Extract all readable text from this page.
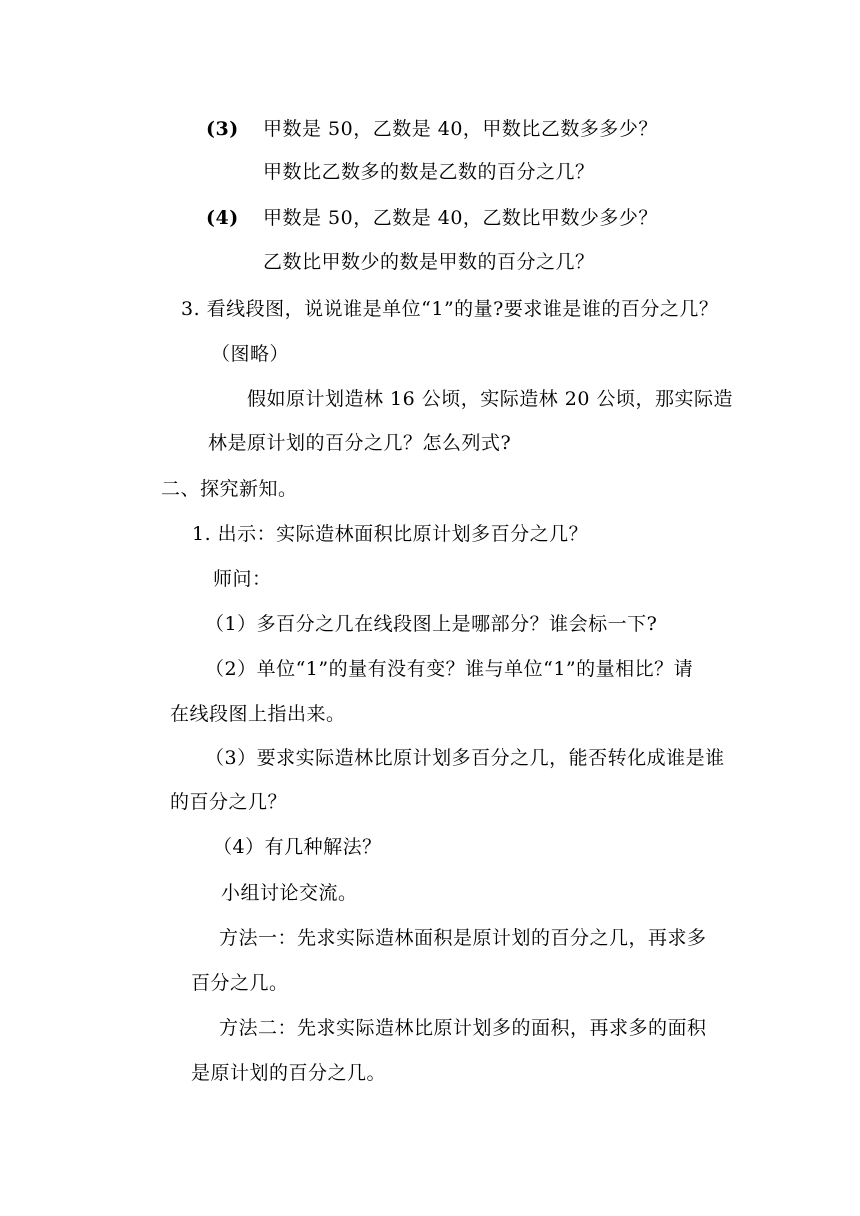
(3) 甲数是 50，乙数是 40，甲数比乙数多多少？
甲数比乙数多的数是乙数的百分之几？
(4) 甲数是 50，乙数是 40，乙数比甲数少多少？
乙数比甲数少的数是甲数的百分之几？
3. 看线段图，说说谁是单位“1”的量?要求谁是谁的百分之几？
（图略）
假如原计划造林 16 公顷，实际造林 20 公顷，那实际造
林是原计划的百分之几？怎么列式?
二、探究新知。
1. 出示：实际造林面积比原计划多百分之几？
师问：
（1）多百分之几在线段图上是哪部分？谁会标一下?
（2）单位“1”的量有没有变？谁与单位“1”的量相比？请
在线段图上指出来。
（3）要求实际造林比原计划多百分之几，能否转化成谁是谁
的百分之几？
（4）有几种解法？
小组讨论交流。
方法一：先求实际造林面积是原计划的百分之几，再求多
百分之几。
方法二：先求实际造林比原计划多的面积，再求多的面积
是原计划的百分之几。
